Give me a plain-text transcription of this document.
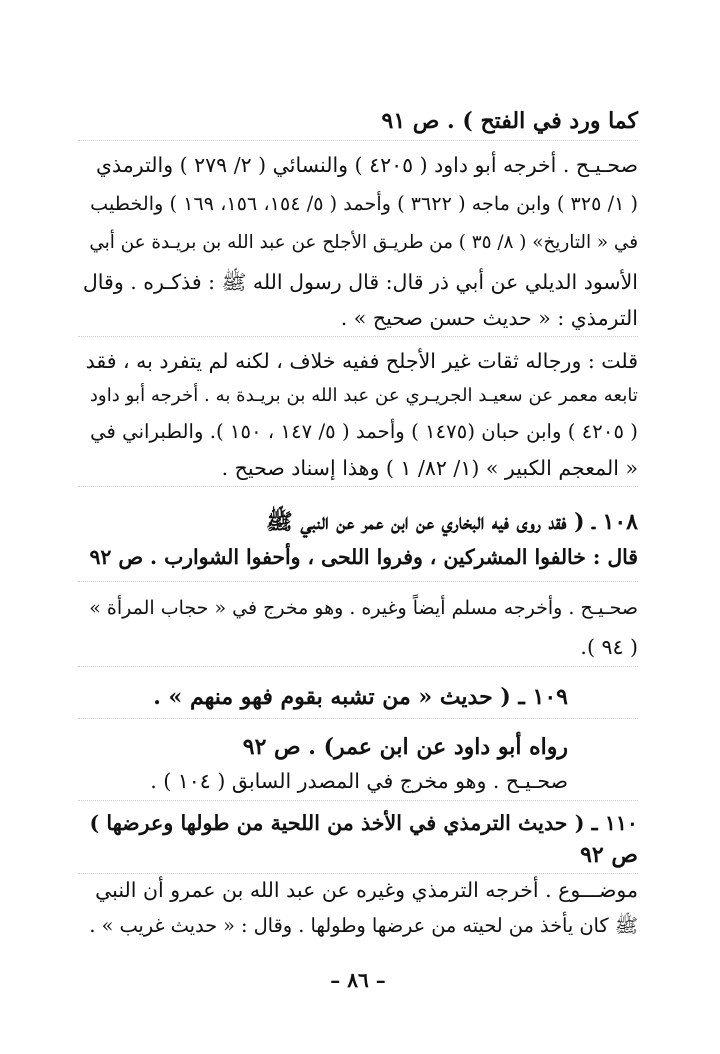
كما ورد في الفتح ) . ص ٩١
صحـيـح . أخرجه أبو داود ( ٤٢٠٥ ) والنسائي ( ٢/ ٢٧٩ ) والترمذي
( ١/ ٣٢٥ ) وابن ماجه ( ٣٦٢٢ ) وأحمد ( ٥/ ١٥٤، ١٥٦، ١٦٩ ) والخطيب
في « التاريخ» ( ٨/ ٣٥ ) من طريـق الأجلح عن عبد الله بن بريـدة عن أبي
الأسود الديلي عن أبي ذر قال: قال رسول الله ﷺ : فذكـره . وقال
الترمذي : « حديث حسن صحيح » .
قلت : ورجاله ثقات غير الأجلح ففيه خلاف ، لكنه لم يتفرد به ، فقد
تابعه معمر عن سعيـد الجريـري عن عبد الله بن بريـدة به . أخرجه أبو داود
( ٤٢٠٥ ) وابن حبان (١٤٧٥ ) وأحمد ( ٥/ ١٤٧ ، ١٥٠ ). والطبراني في
« المعجم الكبير » (١/ ٨٢/ ١ ) وهذا إسناد صحيح .
١٠٨ ـ ( فقد روى فيه البخاري عن ابن عمر عن النبي ﷺ
قال : خالفوا المشركين ، وفروا اللحى ، وأحفوا الشوارب . ص ٩٢
صحـيـح . وأخرجه مسلم أيضاً وغيره . وهو مخرج في « حجاب المرأة »
( ٩٤ ).
١٠٩ ـ ( حديث « من تشبه بقوم فهو منهم » .
رواه أبو داود عن ابن عمر) . ص ٩٢
صحـيـح . وهو مخرج في المصدر السابق ( ١٠٤ ) .
١١٠ ـ ( حديث الترمذي في الأخذ من اللحية من طولها وعرضها )
ص ٩٢
موضـــوع . أخرجه الترمذي وغيره عن عبد الله بن عمرو أن النبي
ﷺ كان يأخذ من لحيته من عرضها وطولها . وقال : « حديث غريب » .
– ٨٦ –
